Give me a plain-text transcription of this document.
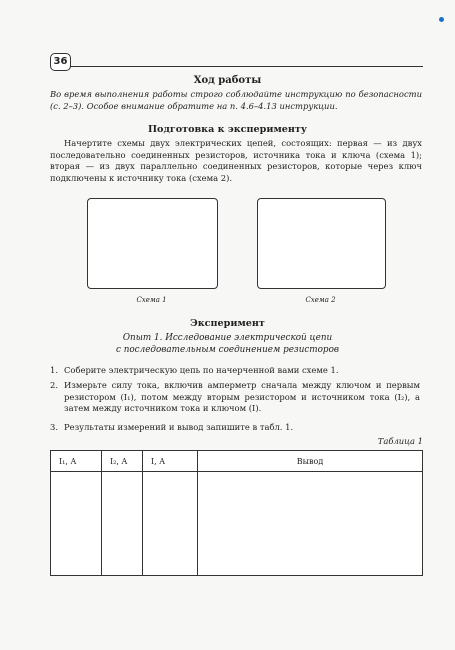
36
Ход работы
Во время выполнения работы строго соблюдайте инструкцию по безопасности (с. 2–3). Особое внимание обратите на п. 4.6–4.13 инструкции.
Подготовка к эксперименту
Начертите схемы двух электрических цепей, состоящих: первая — из двух последовательно соединенных резисторов, источника тока и ключа (схема 1); вторая — из двух параллельно соединенных резисторов, которые через ключ подключены к источнику тока (схема 2).
Схема 1	Схема 2
Эксперимент
Опыт 1. Исследование электрической цепи
с последовательным соединением резисторов
1. Соберите электрическую цепь по начерченной вами схеме 1.
2. Измерьте силу тока, включив амперметр сначала между ключом и первым резистором (I₁), потом между вторым резистором и источником тока (I₂), а затем между источником тока и ключом (I).
3. Результаты измерений и вывод запишите в табл. 1.
Таблица 1
I₁, A	I₂, A	I, A	Вывод
